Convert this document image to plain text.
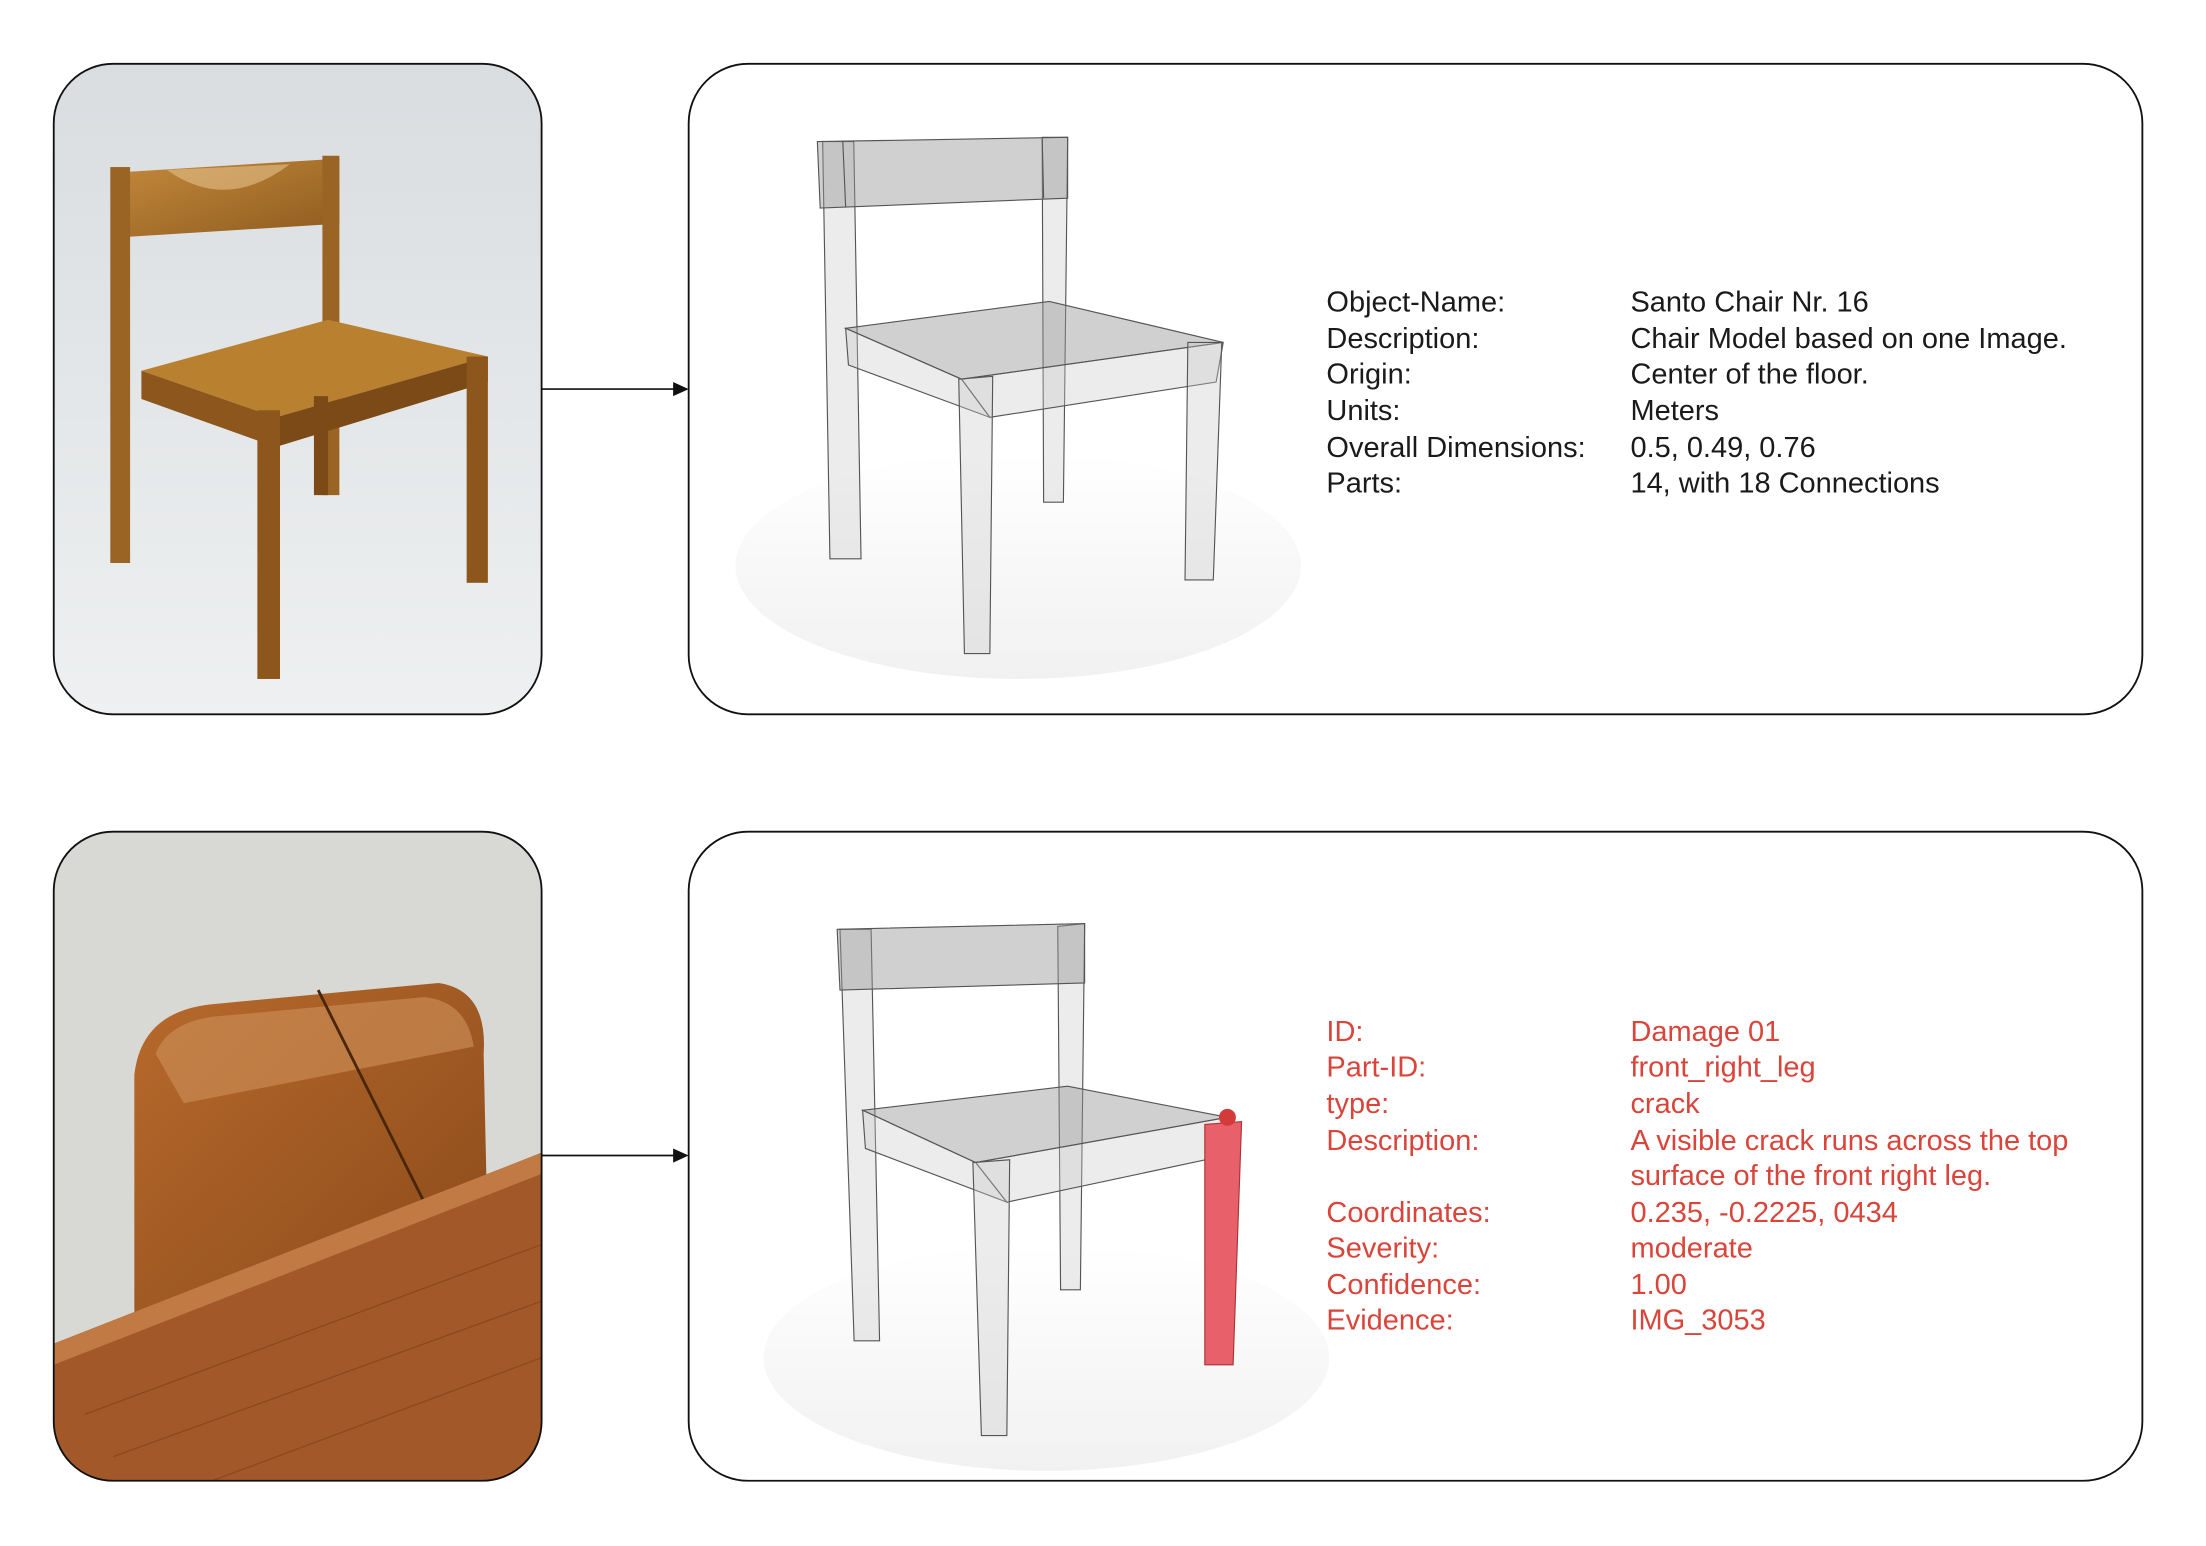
Object-Name:
Description:
Origin:
Units:
Overall Dimensions:
Parts:
Santo Chair Nr. 16
Chair Model based on one Image.
Center of the floor.
Meters
0.5, 0.49, 0.76
14, with 18 Connections
ID:
Part-ID:
type:
Description:
Coordinates:
Severity:
Confidence:
Evidence:
Damage 01
front_right_leg
crack
A visible crack runs across the top
surface of the front right leg.
0.235, -0.2225, 0434
moderate
1.00
IMG_3053
